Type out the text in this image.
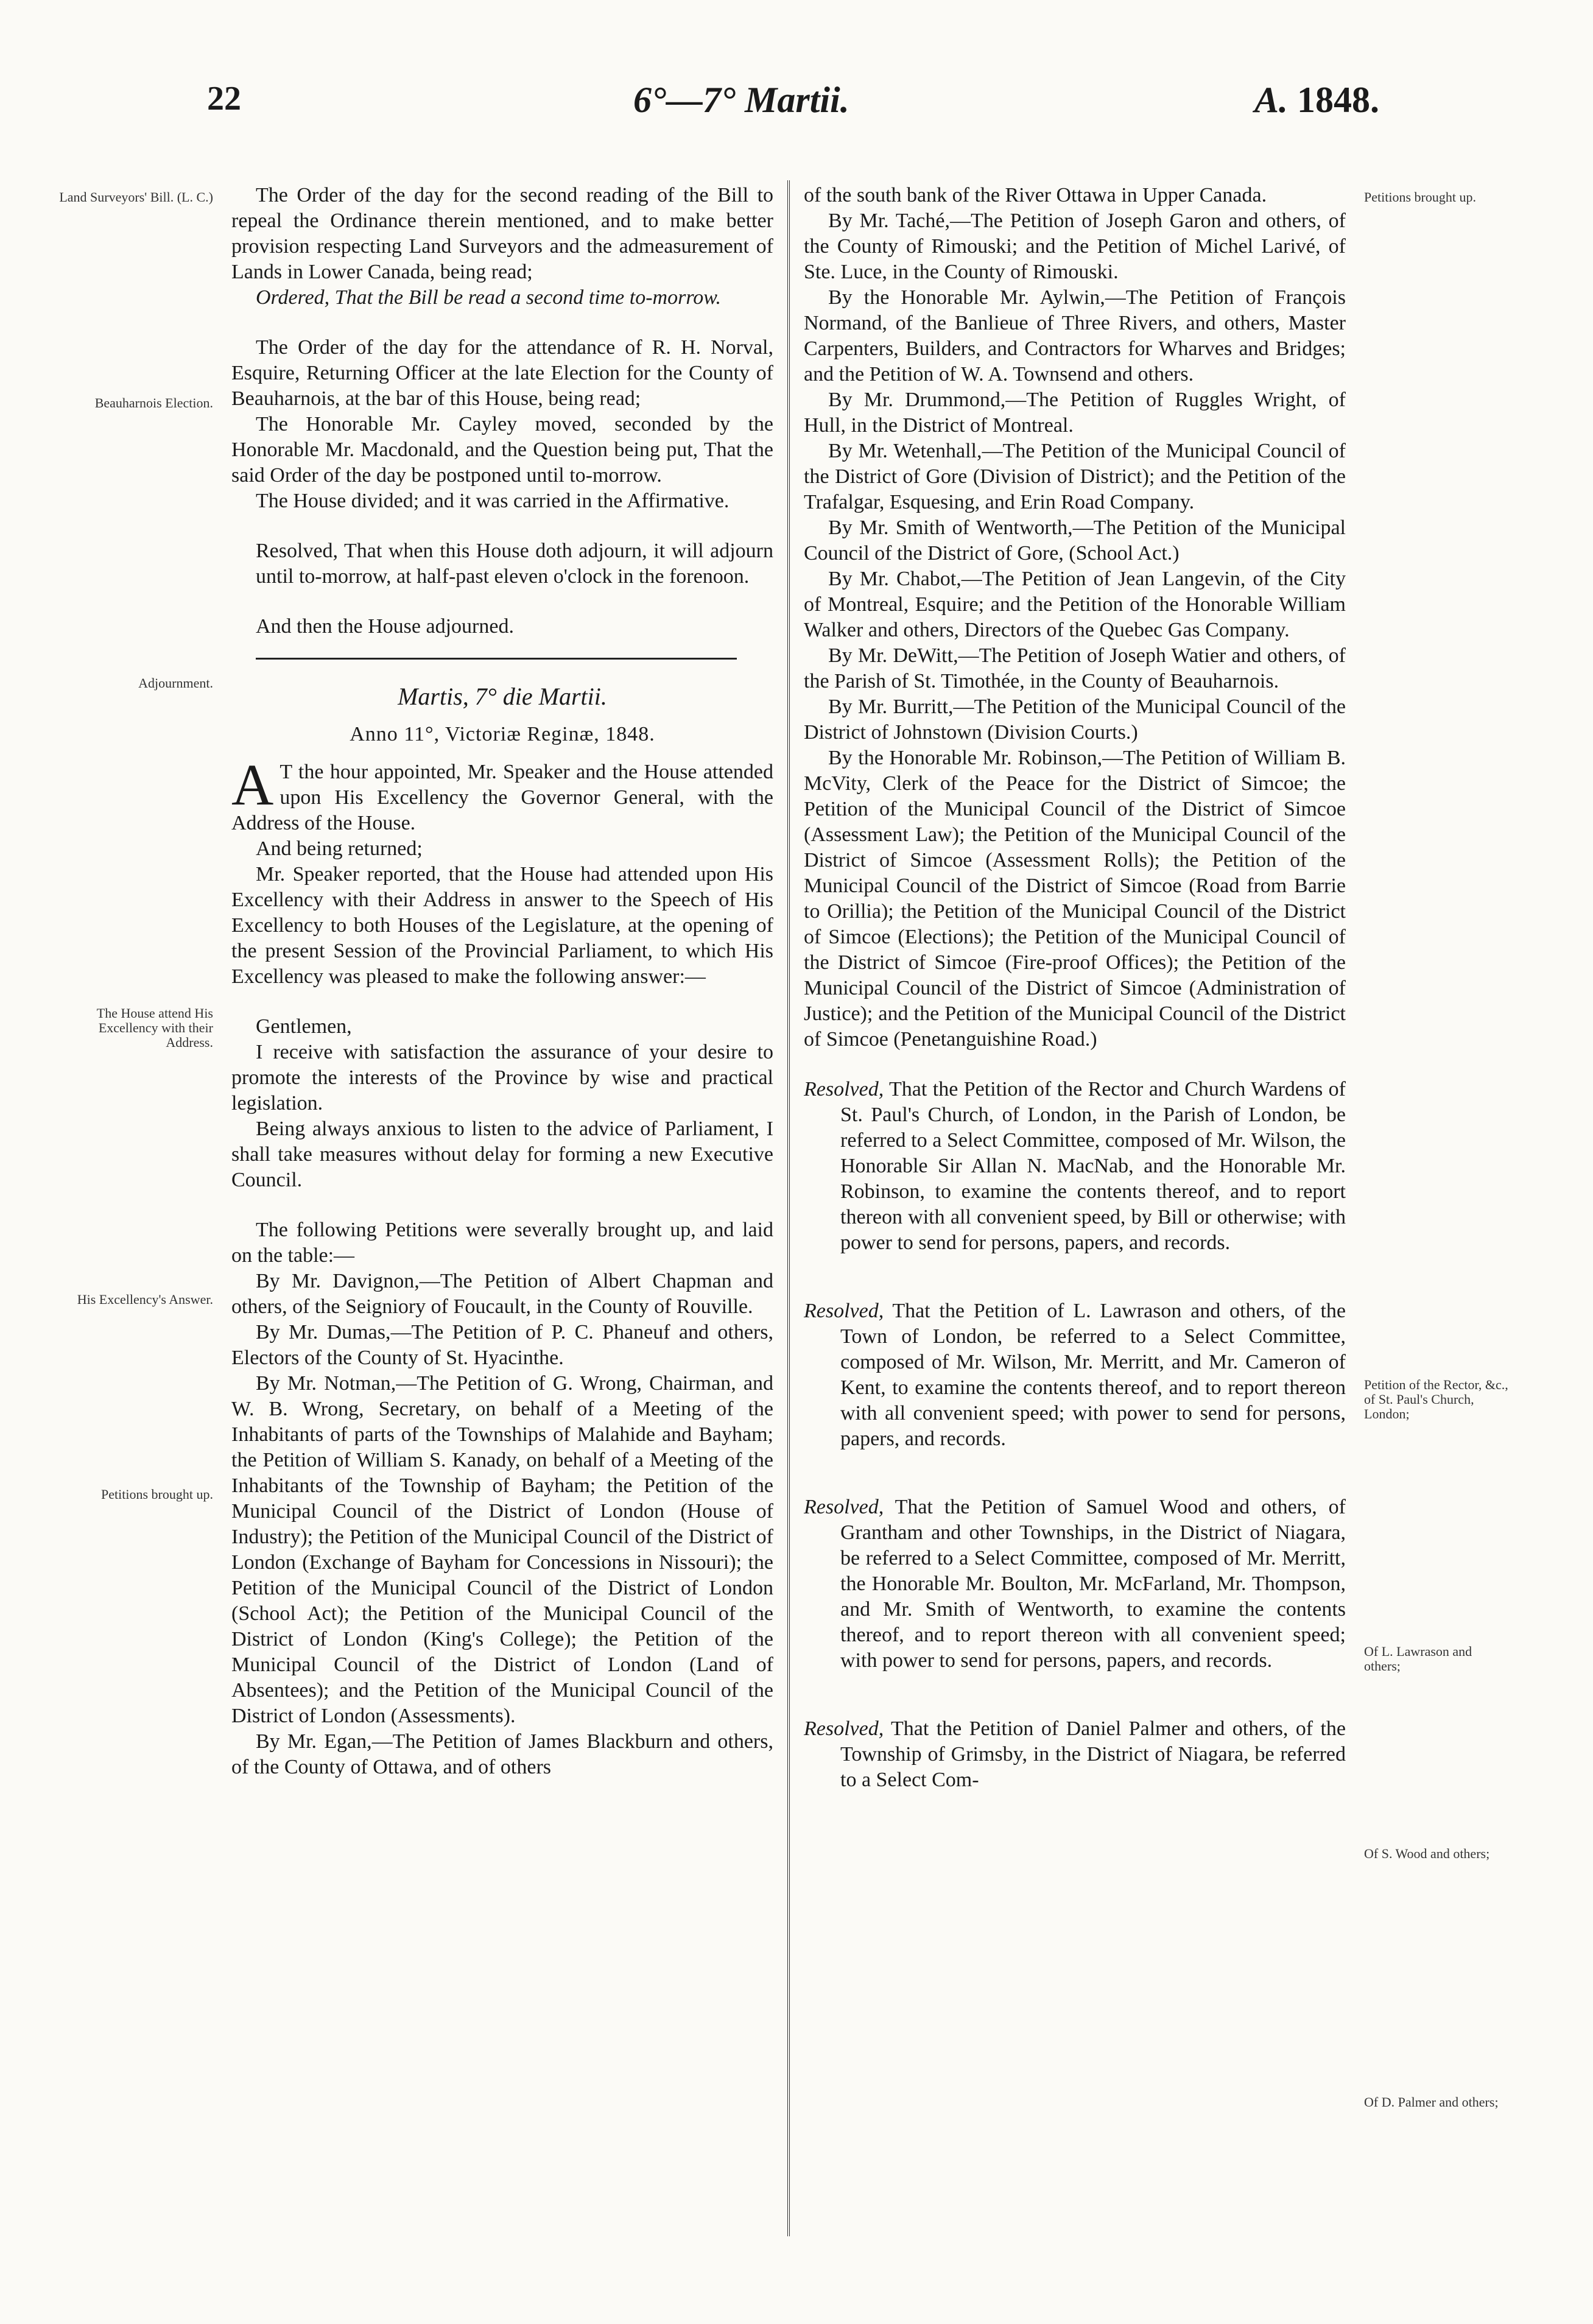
22	6°—7° Martii.	A. 1848.
Land Surveyors' Bill. (L. C.)
Beauharnois Election.
Adjournment.
The House attend His Excellency with their Address.
His Excellency's Answer.
Petitions brought up.
Petitions brought up.
Petition of the Rector, &c., of St. Paul's Church, London;
Of L. Lawrason and others;
Of S. Wood and others;
Of D. Palmer and others;

The Order of the day for the second reading of the Bill to repeal the Ordinance therein mentioned, and to make better provision respecting Land Surveyors and the admeasurement of Lands in Lower Canada, being read;

Ordered, That the Bill be read a second time to-morrow.

The Order of the day for the attendance of R. H. Norval, Esquire, Returning Officer at the late Election for the County of Beauharnois, at the bar of this House, being read;

The Honorable Mr. Cayley moved, seconded by the Honorable Mr. Macdonald, and the Question being put, That the said Order of the day be postponed until to-morrow.

The House divided; and it was carried in the Affirmative.

Resolved, That when this House doth adjourn, it will adjourn until to-morrow, at half-past eleven o'clock in the forenoon.

And then the House adjourned.

Martis, 7° die Martii.
Anno 11°, Victoriæ Reginæ, 1848.

A T the hour appointed, Mr. Speaker and the House attended upon His Excellency the Governor General, with the Address of the House.

And being returned;

Mr. Speaker reported, that the House had attended upon His Excellency with their Address in answer to the Speech of His Excellency to both Houses of the Legislature, at the opening of the present Session of the Provincial Parliament, to which His Excellency was pleased to make the following answer:—

Gentlemen,

I receive with satisfaction the assurance of your desire to promote the interests of the Province by wise and practical legislation.

Being always anxious to listen to the advice of Parliament, I shall take measures without delay for forming a new Executive Council.

The following Petitions were severally brought up, and laid on the table:—

By Mr. Davignon,—The Petition of Albert Chapman and others, of the Seigniory of Foucault, in the County of Rouville.

By Mr. Dumas,—The Petition of P. C. Phaneuf and others, Electors of the County of St. Hyacinthe.

By Mr. Notman,—The Petition of G. Wrong, Chairman, and W. B. Wrong, Secretary, on behalf of a Meeting of the Inhabitants of parts of the Townships of Malahide and Bayham; the Petition of William S. Kanady, on behalf of a Meeting of the Inhabitants of the Township of Bayham; the Petition of the Municipal Council of the District of London (House of Industry); the Petition of the Municipal Council of the District of London (Exchange of Bayham for Concessions in Nissouri); the Petition of the Municipal Council of the District of London (School Act); the Petition of the Municipal Council of the District of London (King's College); the Petition of the Municipal Council of the District of London (Land of Absentees); and the Petition of the Municipal Council of the District of London (Assessments).

By Mr. Egan,—The Petition of James Blackburn and others, of the County of Ottawa, and of others

of the south bank of the River Ottawa in Upper Canada.

By Mr. Taché,—The Petition of Joseph Garon and others, of the County of Rimouski; and the Petition of Michel Larivé, of Ste. Luce, in the County of Rimouski.

By the Honorable Mr. Aylwin,—The Petition of François Normand, of the Banlieue of Three Rivers, and others, Master Carpenters, Builders, and Contractors for Wharves and Bridges; and the Petition of W. A. Townsend and others.

By Mr. Drummond,—The Petition of Ruggles Wright, of Hull, in the District of Montreal.

By Mr. Wetenhall,—The Petition of the Municipal Council of the District of Gore (Division of District); and the Petition of the Trafalgar, Esquesing, and Erin Road Company.

By Mr. Smith of Wentworth,—The Petition of the Municipal Council of the District of Gore, (School Act.)

By Mr. Chabot,—The Petition of Jean Langevin, of the City of Montreal, Esquire; and the Petition of the Honorable William Walker and others, Directors of the Quebec Gas Company.

By Mr. DeWitt,—The Petition of Joseph Watier and others, of the Parish of St. Timothée, in the County of Beauharnois.

By Mr. Burritt,—The Petition of the Municipal Council of the District of Johnstown (Division Courts.)

By the Honorable Mr. Robinson,—The Petition of William B. McVity, Clerk of the Peace for the District of Simcoe; the Petition of the Municipal Council of the District of Simcoe (Assessment Law); the Petition of the Municipal Council of the District of Simcoe (Assessment Rolls); the Petition of the Municipal Council of the District of Simcoe (Road from Barrie to Orillia); the Petition of the Municipal Council of the District of Simcoe (Elections); the Petition of the Municipal Council of the District of Simcoe (Fire-proof Offices); the Petition of the Municipal Council of the District of Simcoe (Administration of Justice); and the Petition of the Municipal Council of the District of Simcoe (Penetanguishine Road.)

Resolved, That the Petition of the Rector and Church Wardens of St. Paul's Church, of London, in the Parish of London, be referred to a Select Committee, composed of Mr. Wilson, the Honorable Sir Allan N. MacNab, and the Honorable Mr. Robinson, to examine the contents thereof, and to report thereon with all convenient speed, by Bill or otherwise; with power to send for persons, papers, and records.

Resolved, That the Petition of L. Lawrason and others, of the Town of London, be referred to a Select Committee, composed of Mr. Wilson, Mr. Merritt, and Mr. Cameron of Kent, to examine the contents thereof, and to report thereon with all convenient speed; with power to send for persons, papers, and records.

Resolved, That the Petition of Samuel Wood and others, of Grantham and other Townships, in the District of Niagara, be referred to a Select Committee, composed of Mr. Merritt, the Honorable Mr. Boulton, Mr. McFarland, Mr. Thompson, and Mr. Smith of Wentworth, to examine the contents thereof, and to report thereon with all convenient speed; with power to send for persons, papers, and records.

Resolved, That the Petition of Daniel Palmer and others, of the Township of Grimsby, in the District of Niagara, be referred to a Select Com-
